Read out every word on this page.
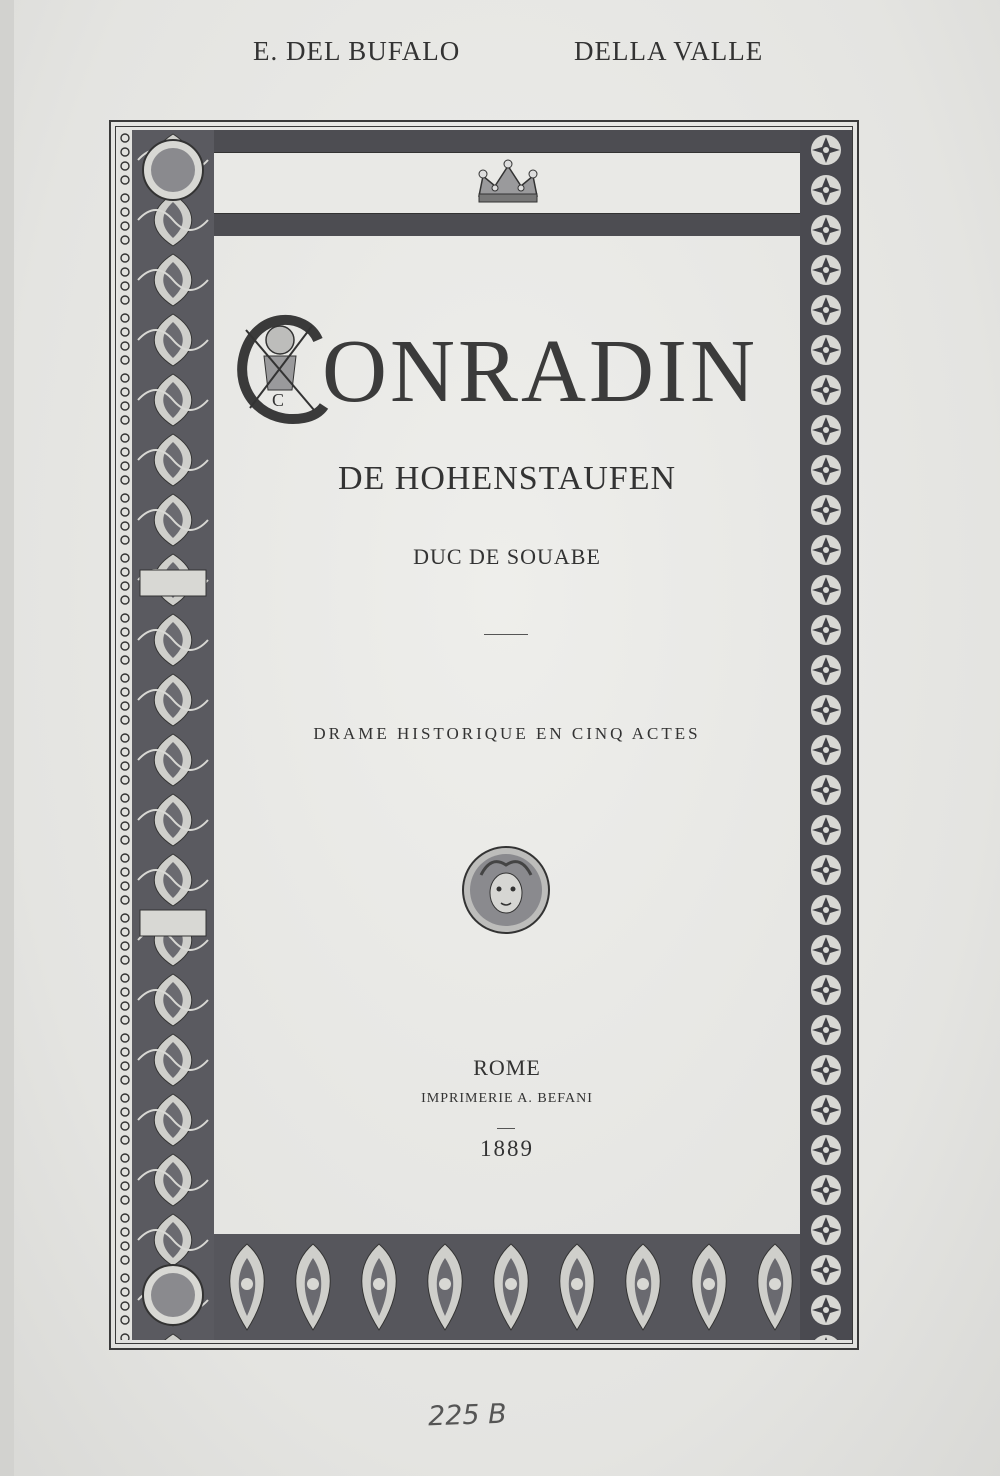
E. DEL BUFALO	DELLA VALLE
C ONRADIN
DE HOHENSTAUFEN
DUC DE SOUABE
DRAME HISTORIQUE EN CINQ ACTES
ROME
IMPRIMERIE A. BEFANI
1889
225 B
